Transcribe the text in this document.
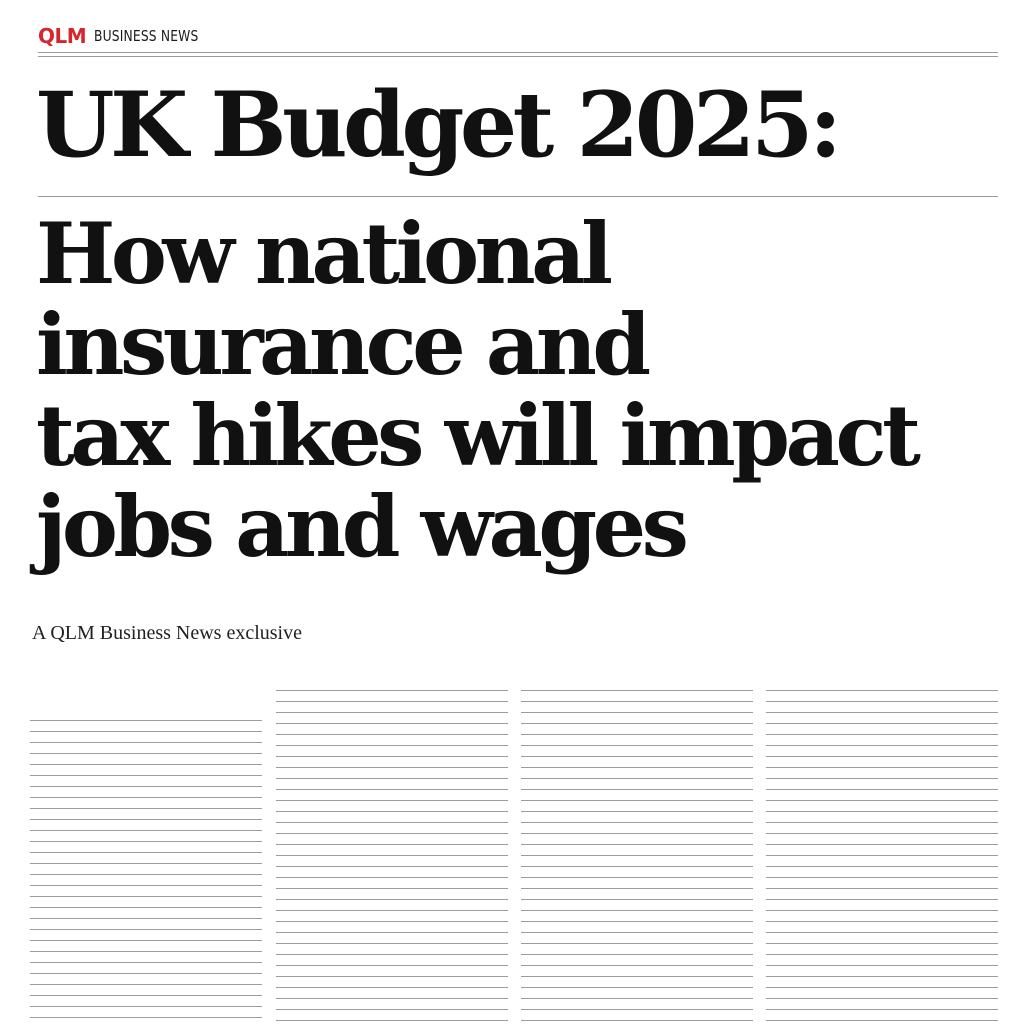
QLM BUSINESS NEWS
UK Budget 2025:
How national
insurance and
tax hikes will impact
jobs and wages
A QLM Business News exclusive
